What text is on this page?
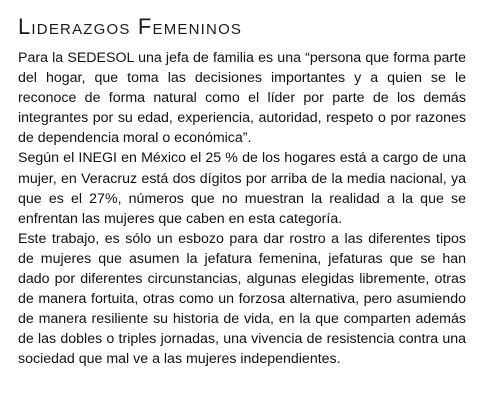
Liderazgos Femeninos

Para la SEDESOL una jefa de familia es una “persona que forma parte del hogar, que toma las decisiones importantes y a quien se le reconoce de forma natural como el líder por parte de los demás integrantes por su edad, experiencia, autoridad, respeto o por razones de dependencia moral o económica”.

Según el INEGI en México el 25 % de los hogares está a cargo de una mujer, en Veracruz está dos dígitos por arriba de la media nacional, ya que es el 27%, números que no muestran la realidad a la que se enfrentan las mujeres que caben en esta categoría.

Este trabajo, es sólo un esbozo para dar rostro a las diferentes tipos de mujeres que asumen la jefatura femenina, jefaturas que se han dado por diferentes circunstancias, algunas elegidas libremente, otras de manera fortuita, otras como un forzosa alternativa, pero asumiendo de manera resiliente su historia de vida, en la que comparten además de las dobles o triples jornadas, una vivencia de resistencia contra una sociedad que mal ve a las mujeres independientes.
